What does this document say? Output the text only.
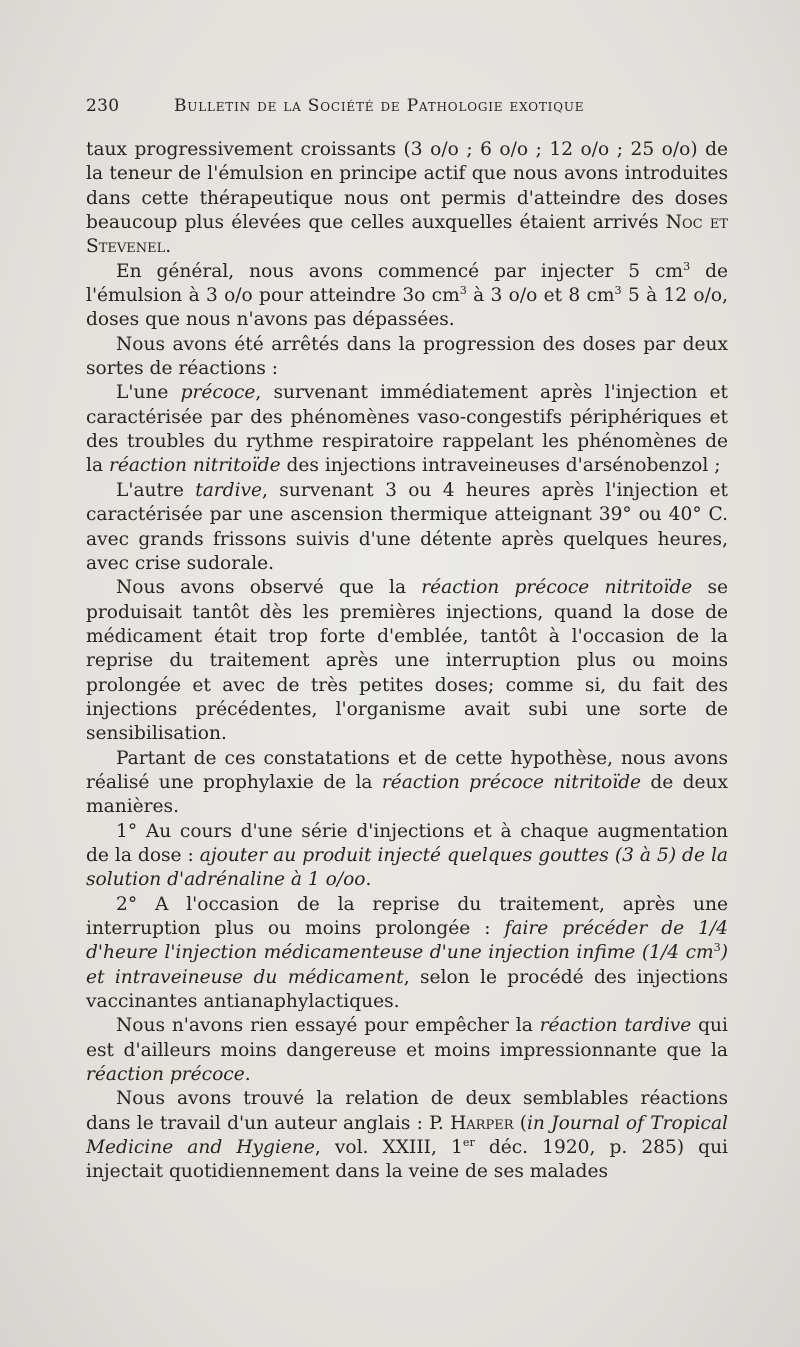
230	Bulletin de la Société de Pathologie exotique

taux progressivement croissants (3 o/o ; 6 o/o ; 12 o/o ; 25 o/o) de la teneur de l'émulsion en principe actif que nous avons introduites dans cette thérapeutique nous ont permis d'atteindre des doses beaucoup plus élevées que celles auxquelles étaient arrivés Noc et Stevenel.

En général, nous avons commencé par injecter 5 $cm^3$ de l'émulsion à 3 o/o pour atteindre 3o $cm^3$ à 3 o/o et 8 $cm^3$ 5 à 12 o/o, doses que nous n'avons pas dépassées.

Nous avons été arrêtés dans la progression des doses par deux sortes de réactions :

L'une précoce, survenant immédiatement après l'injection et caractérisée par des phénomènes vaso-congestifs périphériques et des troubles du rythme respiratoire rappelant les phénomènes de la réaction nitritoïde des injections intraveineuses d'arsénobenzol ;

L'autre tardive, survenant 3 ou 4 heures après l'injection et caractérisée par une ascension thermique atteignant 39° ou 40° C. avec grands frissons suivis d'une détente après quelques heures, avec crise sudorale.

Nous avons observé que la réaction précoce nitritoïde se produisait tantôt dès les premières injections, quand la dose de médicament était trop forte d'emblée, tantôt à l'occasion de la reprise du traitement après une interruption plus ou moins prolongée et avec de très petites doses; comme si, du fait des injections précédentes, l'organisme avait subi une sorte de sensibilisation.

Partant de ces constatations et de cette hypothèse, nous avons réalisé une prophylaxie de la réaction précoce nitritoïde de deux manières.

1° Au cours d'une série d'injections et à chaque augmentation de la dose : ajouter au produit injecté quelques gouttes (3 à 5) de la solution d'adrénaline à 1 o/oo.

2° A l'occasion de la reprise du traitement, après une interruption plus ou moins prolongée : faire précéder de 1/4 d'heure l'injection médicamenteuse d'une injection infime (1/4 $cm^3$) et intraveineuse du médicament, selon le procédé des injections vaccinantes antianaphylactiques.

Nous n'avons rien essayé pour empêcher la réaction tardive qui est d'ailleurs moins dangereuse et moins impressionnante que la réaction précoce.

Nous avons trouvé la relation de deux semblables réactions dans le travail d'un auteur anglais : P. Harper (in Journal of Tropical Medicine and Hygiene, vol. XXIII, 1er déc. 1920, p. 285) qui injectait quotidiennement dans la veine de ses malades
